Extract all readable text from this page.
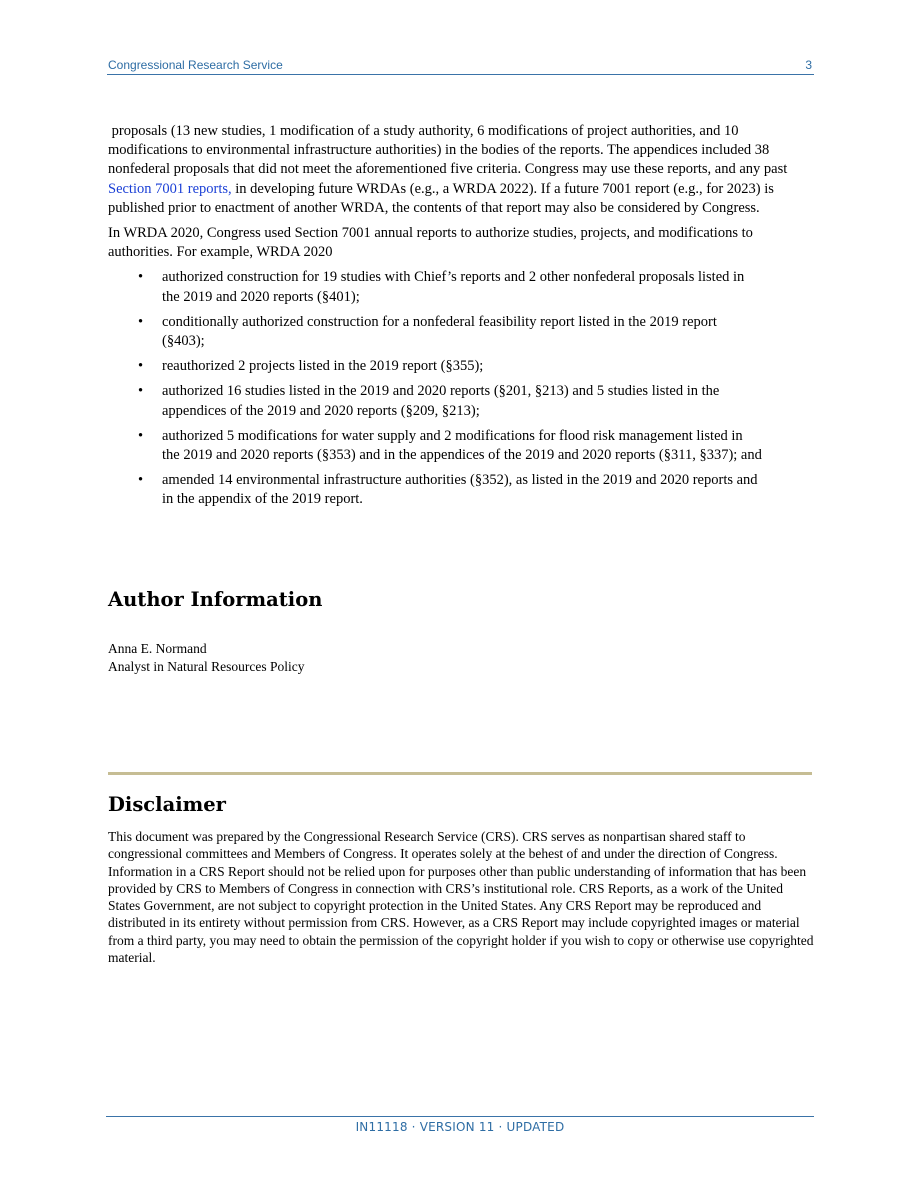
Congressional Research Service	3

proposals (13 new studies, 1 modification of a study authority, 6 modifications of project authorities, and 10 modifications to environmental infrastructure authorities) in the bodies of the reports. The appendices included 38 nonfederal proposals that did not meet the aforementioned five criteria. Congress may use these reports, and any past Section 7001 reports, in developing future WRDAs (e.g., a WRDA 2022). If a future 7001 report (e.g., for 2023) is published prior to enactment of another WRDA, the contents of that report may also be considered by Congress.

In WRDA 2020, Congress used Section 7001 annual reports to authorize studies, projects, and modifications to authorities. For example, WRDA 2020

• authorized construction for 19 studies with Chief’s reports and 2 other nonfederal proposals listed in the 2019 and 2020 reports (§401);
• conditionally authorized construction for a nonfederal feasibility report listed in the 2019 report (§403);
• reauthorized 2 projects listed in the 2019 report (§355);
• authorized 16 studies listed in the 2019 and 2020 reports (§201, §213) and 5 studies listed in the appendices of the 2019 and 2020 reports (§209, §213);
• authorized 5 modifications for water supply and 2 modifications for flood risk management listed in the 2019 and 2020 reports (§353) and in the appendices of the 2019 and 2020 reports (§311, §337); and
• amended 14 environmental infrastructure authorities (§352), as listed in the 2019 and 2020 reports and in the appendix of the 2019 report.
Author Information
Anna E. Normand
Analyst in Natural Resources Policy
Disclaimer
This document was prepared by the Congressional Research Service (CRS). CRS serves as nonpartisan shared staff to congressional committees and Members of Congress. It operates solely at the behest of and under the direction of Congress. Information in a CRS Report should not be relied upon for purposes other than public understanding of information that has been provided by CRS to Members of Congress in connection with CRS’s institutional role. CRS Reports, as a work of the United States Government, are not subject to copyright protection in the United States. Any CRS Report may be reproduced and distributed in its entirety without permission from CRS. However, as a CRS Report may include copyrighted images or material from a third party, you may need to obtain the permission of the copyright holder if you wish to copy or otherwise use copyrighted material.
IN11118 · VERSION 11 · UPDATED
